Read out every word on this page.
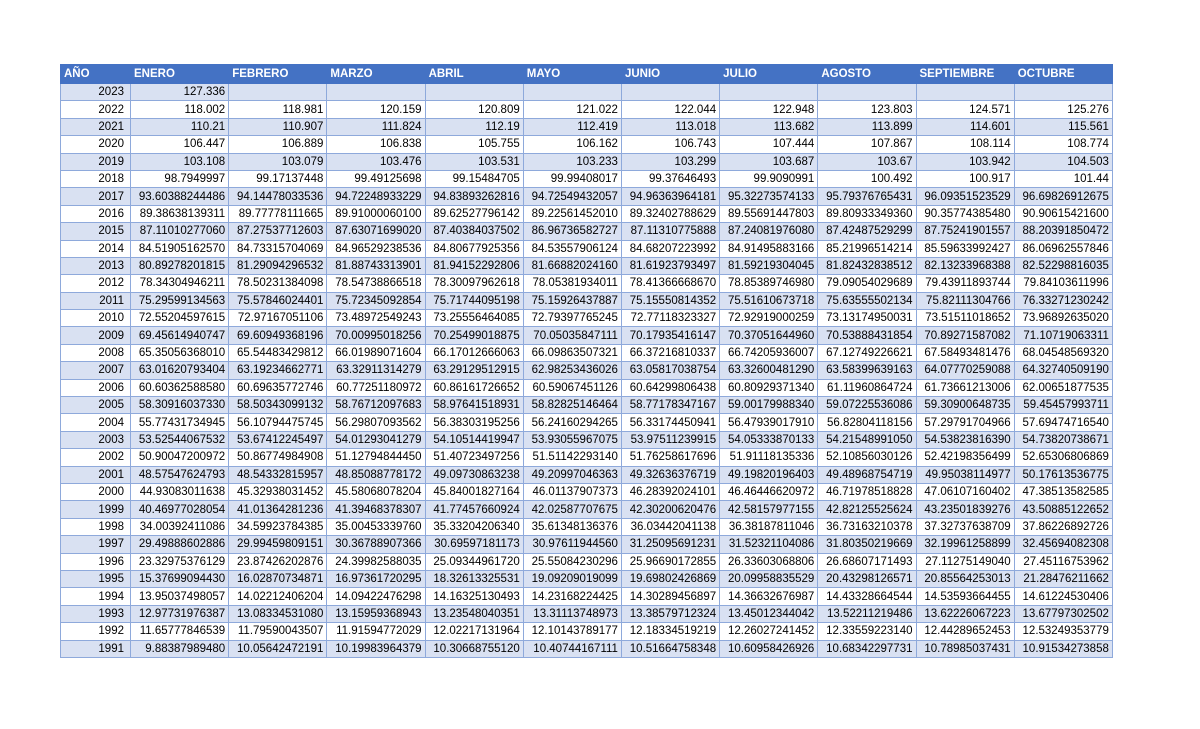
AÑO	ENERO	FEBRERO	MARZO	ABRIL	MAYO	JUNIO	JULIO	AGOSTO	SEPTIEMBRE	OCTUBRE
2023	127.336									
2022	118.002	118.981	120.159	120.809	121.022	122.044	122.948	123.803	124.571	125.276
2021	110.21	110.907	111.824	112.19	112.419	113.018	113.682	113.899	114.601	115.561
2020	106.447	106.889	106.838	105.755	106.162	106.743	107.444	107.867	108.114	108.774
2019	103.108	103.079	103.476	103.531	103.233	103.299	103.687	103.67	103.942	104.503
2018	98.7949997	99.17137448	99.49125698	99.15484705	99.99408017	99.37646493	99.9090991	100.492	100.917	101.44
2017	93.60388244486	94.14478033536	94.72248933229	94.83893262816	94.72549432057	94.96363964181	95.32273574133	95.79376765431	96.09351523529	96.69826912675
2016	89.38638139311	89.77778111665	89.91000060100	89.62527796142	89.22561452010	89.32402788629	89.55691447803	89.80933349360	90.35774385480	90.90615421600
2015	87.11010277060	87.27537712603	87.63071699020	87.40384037502	86.96736582727	87.11310775888	87.24081976080	87.42487529299	87.75241901557	88.20391850472
2014	84.51905162570	84.73315704069	84.96529238536	84.80677925356	84.53557906124	84.68207223992	84.91495883166	85.21996514214	85.59633992427	86.06962557846
2013	80.89278201815	81.29094296532	81.88743313901	81.94152292806	81.66882024160	81.61923793497	81.59219304045	81.82432838512	82.13233968388	82.52298816035
2012	78.34304946211	78.50231384098	78.54738866518	78.30097962618	78.05381934011	78.41366668670	78.85389746980	79.09054029689	79.43911893744	79.84103611996
2011	75.29599134563	75.57846024401	75.72345092854	75.71744095198	75.15926437887	75.15550814352	75.51610673718	75.63555502134	75.82111304766	76.33271230242
2010	72.55204597615	72.97167051106	73.48972549243	73.25556464085	72.79397765245	72.77118323327	72.92919000259	73.13174950031	73.51511018652	73.96892635020
2009	69.45614940747	69.60949368196	70.00995018256	70.25499018875	70.05035847111	70.17935416147	70.37051644960	70.53888431854	70.89271587082	71.10719063311
2008	65.35056368010	65.54483429812	66.01989071604	66.17012666063	66.09863507321	66.37216810337	66.74205936007	67.12749226621	67.58493481476	68.04548569320
2007	63.01620793404	63.19234662771	63.32911314279	63.29129512915	62.98253436026	63.05817038754	63.32600481290	63.58399639163	64.07770259088	64.32740509190
2006	60.60362588580	60.69635772746	60.77251180972	60.86161726652	60.59067451126	60.64299806438	60.80929371340	61.11960864724	61.73661213006	62.00651877535
2005	58.30916037330	58.50343099132	58.76712097683	58.97641518931	58.82825146464	58.77178347167	59.00179988340	59.07225536086	59.30900648735	59.45457993711
2004	55.77431734945	56.10794475745	56.29807093562	56.38303195256	56.24160294265	56.33174450941	56.47939017910	56.82804118156	57.29791704966	57.69474716540
2003	53.52544067532	53.67412245497	54.01293041279	54.10514419947	53.93055967075	53.97511239915	54.05333870133	54.21548991050	54.53823816390	54.73820738671
2002	50.90047200972	50.86774984908	51.12794844450	51.40723497256	51.51142293140	51.76258617696	51.91118135336	52.10856030126	52.42198356499	52.65306806869
2001	48.57547624793	48.54332815957	48.85088778172	49.09730863238	49.20997046363	49.32636376719	49.19820196403	49.48968754719	49.95038114977	50.17613536775
2000	44.93083011638	45.32938031452	45.58068078204	45.84001827164	46.01137907373	46.28392024101	46.46446620972	46.71978518828	47.06107160402	47.38513582585
1999	40.46977028054	41.01364281236	41.39468378307	41.77457660924	42.02587707675	42.30200620476	42.58157977155	42.82125525624	43.23501839276	43.50885122652
1998	34.00392411086	34.59923784385	35.00453339760	35.33204206340	35.61348136376	36.03442041138	36.38187811046	36.73163210378	37.32737638709	37.86226892726
1997	29.49888602886	29.99459809151	30.36788907366	30.69597181173	30.97611944560	31.25095691231	31.52321104086	31.80350219669	32.19961258899	32.45694082308
1996	23.32975376129	23.87426202876	24.39982588035	25.09344961720	25.55084230296	25.96690172855	26.33603068806	26.68607171493	27.11275149040	27.45116753962
1995	15.37699094430	16.02870734871	16.97361720295	18.32613325531	19.09209019099	19.69802426869	20.09958835529	20.43298126571	20.85564253013	21.28476211662
1994	13.95037498057	14.02212406204	14.09422476298	14.16325130493	14.23168224425	14.30289456897	14.36632676987	14.43328664544	14.53593664455	14.61224530406
1993	12.97731976387	13.08334531080	13.15959368943	13.23548040351	13.31113748973	13.38579712324	13.45012344042	13.52211219486	13.62226067223	13.67797302502
1992	11.65777846539	11.79590043507	11.91594772029	12.02217131964	12.10143789177	12.18334519219	12.26027241452	12.33559223140	12.44289652453	12.53249353779
1991	9.88387989480	10.05642472191	10.19983964379	10.30668755120	10.40744167111	10.51664758348	10.60958426926	10.68342297731	10.78985037431	10.91534273858
